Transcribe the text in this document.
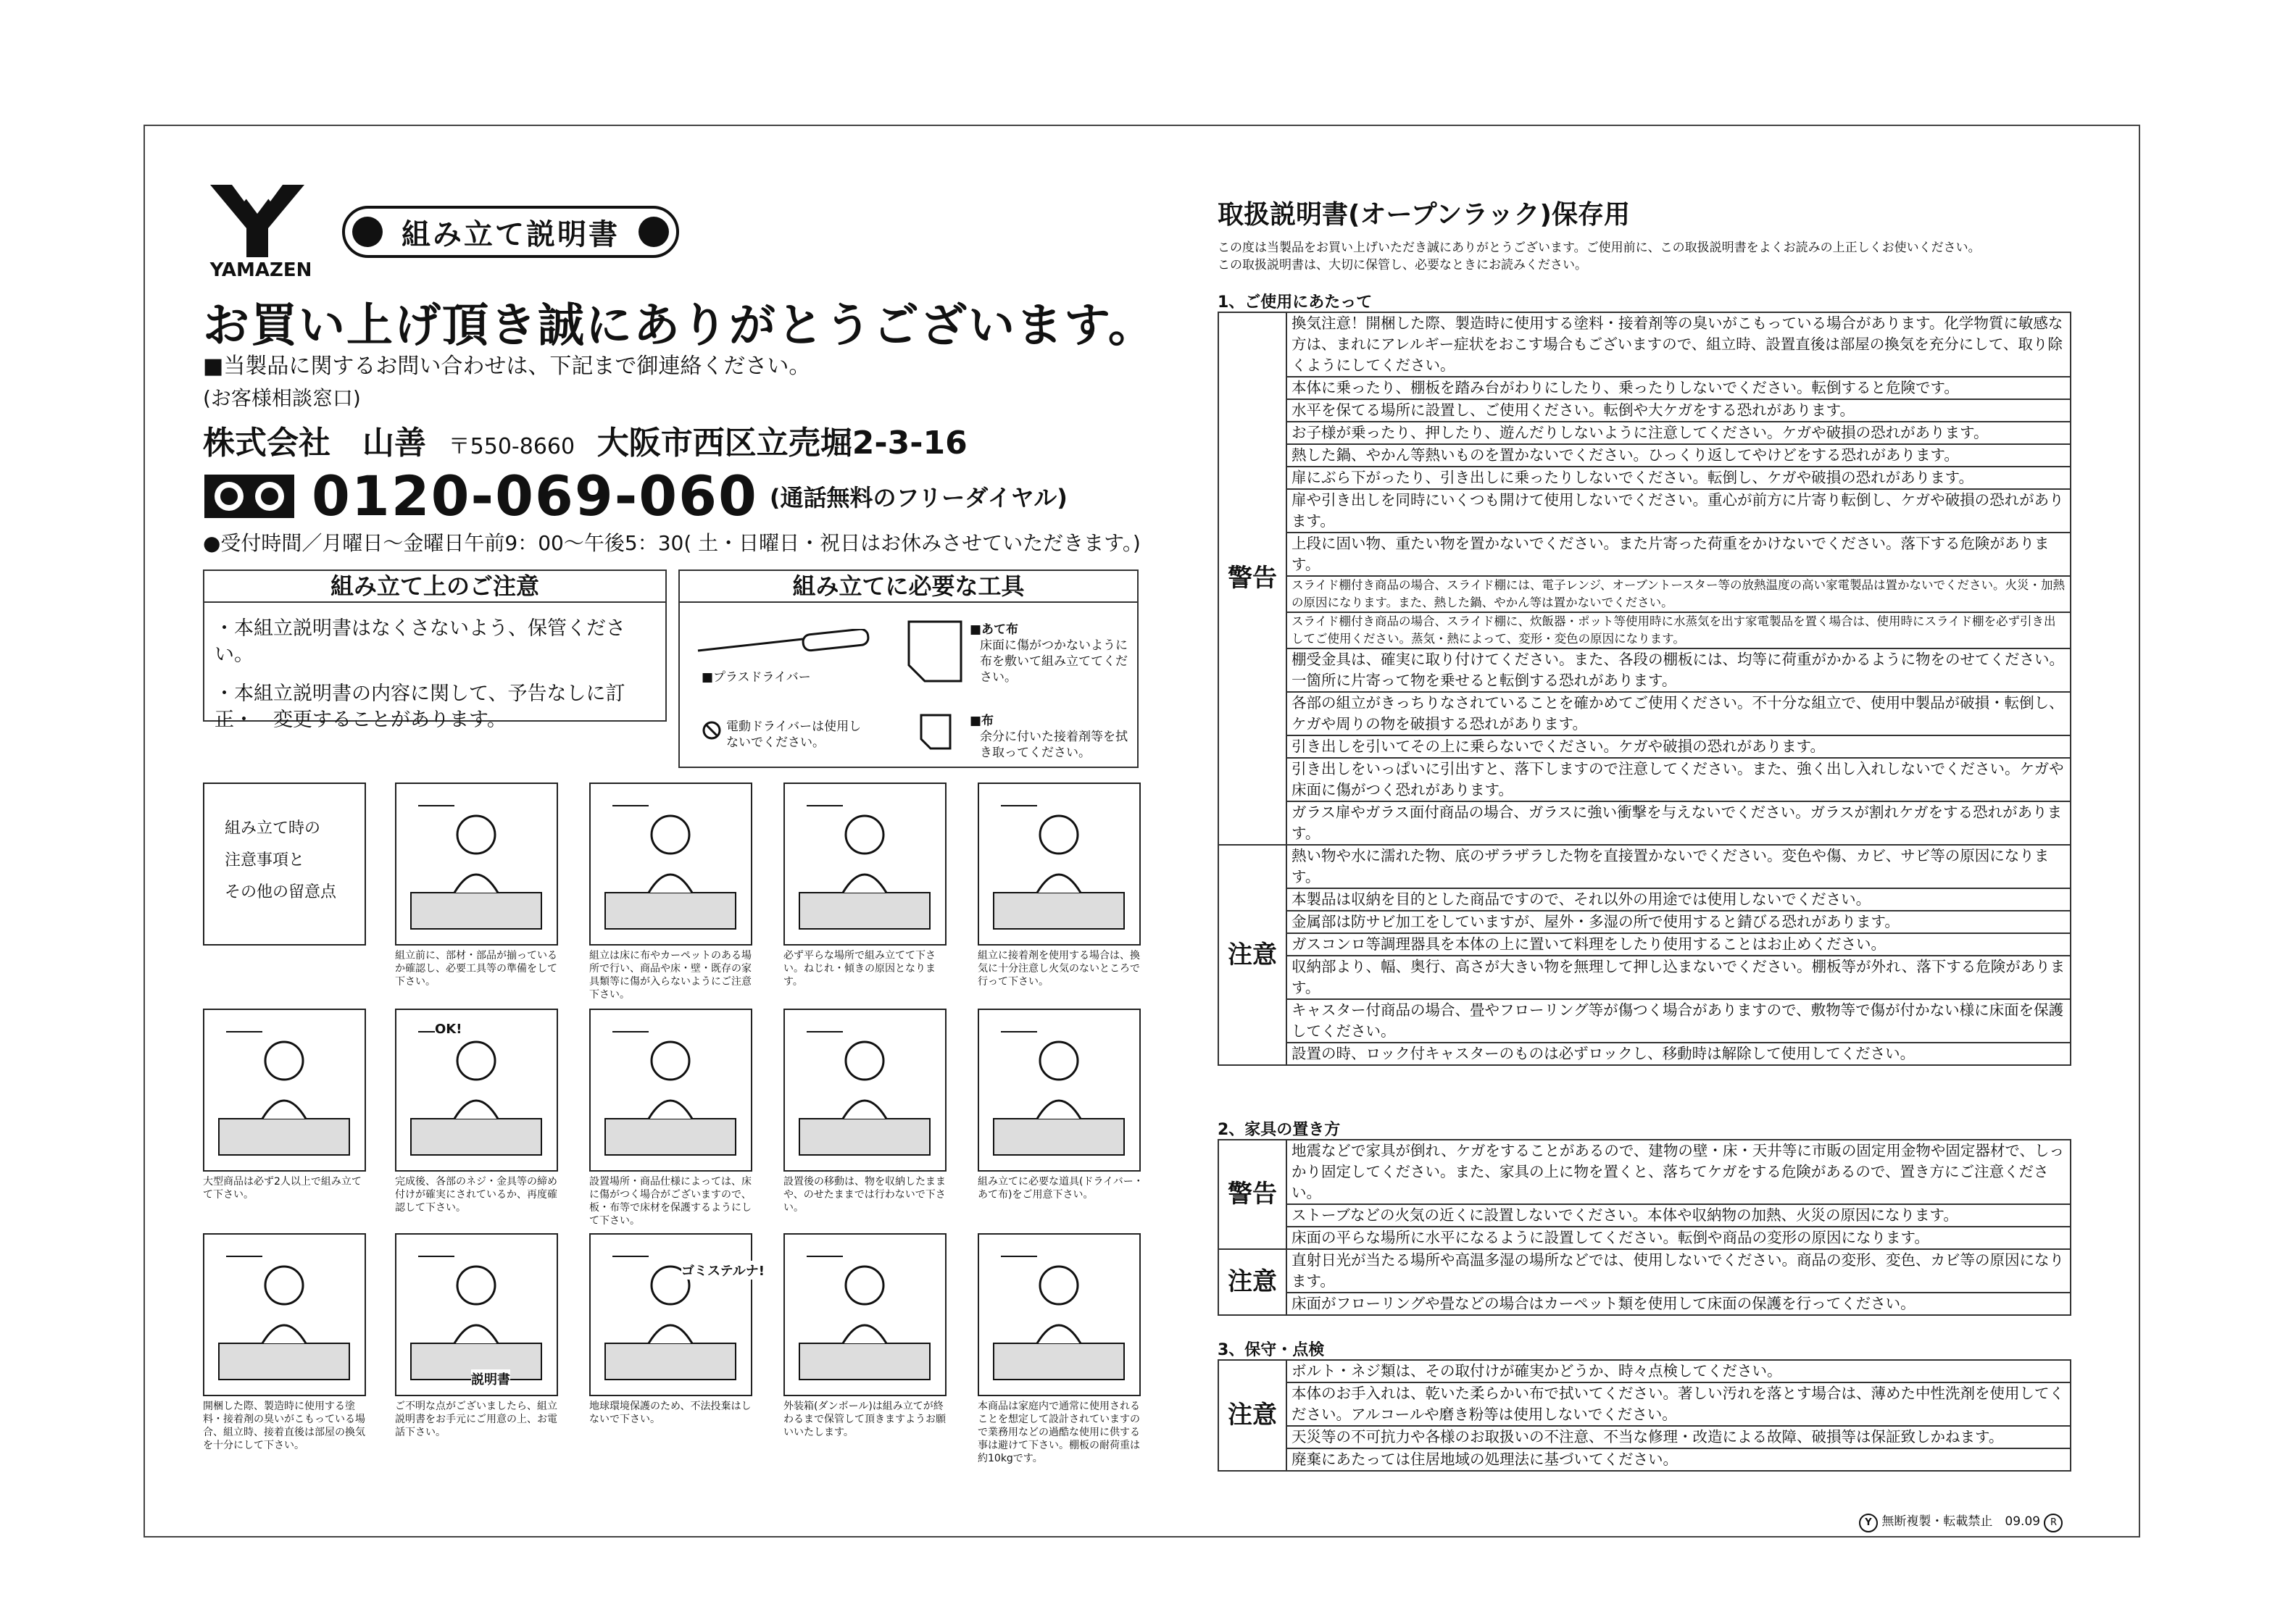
YAMAZEN
組み立て説明書
お買い上げ頂き誠にありがとうございます。
■当製品に関するお問い合わせは、下記まで御連絡ください。
(お客様相談窓口)
株式会社　山善 〒550-8660 大阪市西区立売堀2-3-16
0120-069-060 (通話無料のフリーダイヤル)
●受付時間／月曜日～金曜日午前9：00～午後5：30( 土・日曜日・祝日はお休みさせていただきます。)
組み立て上のご注意
・本組立説明書はなくさないよう、保管ください。
・本組立説明書の内容に関して、予告なしに訂正・　変更することがあります。
組み立てに必要な工具
■プラスドライバー
■あて布
床面に傷がつかないように布を敷いて組み立ててください。
電動ドライバーは使用しないでください。
■布
余分に付いた接着剤等を拭き取ってください。
組み立て時の
注意事項と
その他の留意点
組立前に、部材・部品が揃っているか確認し、必要工具等の準備をして下さい。
組立は床に布やカーペットのある場所で行い、商品や床・壁・既存の家具類等に傷が入らないようにご注意下さい。
必ず平らな場所で組み立てて下さい。ねじれ・傾きの原因となります。
組立に接着剤を使用する場合は、換気に十分注意し火気のないところで行って下さい。
大型商品は必ず2人以上で組み立てて下さい。
完成後、各部のネジ・金具等の締め付けが確実にされているか、再度確認して下さい。
設置場所・商品仕様によっては、床に傷がつく場合がございますので、板・布等で床材を保護するようにして下さい。
設置後の移動は、物を収納したままや、のせたままでは行わないで下さい。
組み立てに必要な道具(ドライバー・あて布)をご用意下さい。
開梱した際、製造時に使用する塗料・接着剤の臭いがこもっている場合、組立時、接着直後は部屋の換気を十分にして下さい。
ご不明な点がございましたら、組立説明書をお手元にご用意の上、お電話下さい。
地球環境保護のため、不法投棄はしないで下さい。
外装箱(ダンボール)は組み立てが終わるまで保管して頂きますようお願いいたします。
本商品は家庭内で通常に使用されることを想定して設計されていますので業務用などの過酷な使用に供する事は避けて下さい。棚板の耐荷重は約10kgです。
取扱説明書(オープンラック)保存用
この度は当製品をお買い上げいただき誠にありがとうございます。ご使用前に、この取扱説明書をよくお読みの上正しくお使いください。
この取扱説明書は、大切に保管し、必要なときにお読みください。
1、ご使用にあたって
警告	換気注意！開梱した際、製造時に使用する塗料・接着剤等の臭いがこもっている場合があります。化学物質に敏感な方は、まれにアレルギー症状をおこす場合もございますので、組立時、設置直後は部屋の換気を充分にして、取り除くようにしてください。
	本体に乗ったり、棚板を踏み台がわりにしたり、乗ったりしないでください。転倒すると危険です。
	水平を保てる場所に設置し、ご使用ください。転倒や大ケガをする恐れがあります。
	お子様が乗ったり、押したり、遊んだりしないように注意してください。ケガや破損の恐れがあります。
	熱した鍋、やかん等熱いものを置かないでください。ひっくり返してやけどをする恐れがあります。
	扉にぶら下がったり、引き出しに乗ったりしないでください。転倒し、ケガや破損の恐れがあります。
	扉や引き出しを同時にいくつも開けて使用しないでください。重心が前方に片寄り転倒し、ケガや破損の恐れがあります。
	上段に固い物、重たい物を置かないでください。また片寄った荷重をかけないでください。落下する危険があります。
	スライド棚付き商品の場合、スライド棚には、電子レンジ、オーブントースター等の放熱温度の高い家電製品は置かないでください。火災・加熱の原因になります。また、熱した鍋、やかん等は置かないでください。
	スライド棚付き商品の場合、スライド棚に、炊飯器・ポット等使用時に水蒸気を出す家電製品を置く場合は、使用時にスライド棚を必ず引き出してご使用ください。蒸気・熱によって、変形・変色の原因になります。
	棚受金具は、確実に取り付けてください。また、各段の棚板には、均等に荷重がかかるように物をのせてください。一箇所に片寄って物を乗せると転倒する恐れがあります。
	各部の組立がきっちりなされていることを確かめてご使用ください。不十分な組立で、使用中製品が破損・転倒し、ケガや周りの物を破損する恐れがあります。
	引き出しを引いてその上に乗らないでください。ケガや破損の恐れがあります。
	引き出しをいっぱいに引出すと、落下しますので注意してください。また、強く出し入れしないでください。ケガや床面に傷がつく恐れがあります。
	ガラス扉やガラス面付商品の場合、ガラスに強い衝撃を与えないでください。ガラスが割れケガをする恐れがあります。
注意	熱い物や水に濡れた物、底のザラザラした物を直接置かないでください。変色や傷、カビ、サビ等の原因になります。
	本製品は収納を目的とした商品ですので、それ以外の用途では使用しないでください。
	金属部は防サビ加工をしていますが、屋外・多湿の所で使用すると錆びる恐れがあります。
	ガスコンロ等調理器具を本体の上に置いて料理をしたり使用することはお止めください。
	収納部より、幅、奥行、高さが大きい物を無理して押し込まないでください。棚板等が外れ、落下する危険があります。
	キャスター付商品の場合、畳やフローリング等が傷つく場合がありますので、敷物等で傷が付かない様に床面を保護してください。
	設置の時、ロック付キャスターのものは必ずロックし、移動時は解除して使用してください。
2、家具の置き方
警告	地震などで家具が倒れ、ケガをすることがあるので、建物の壁・床・天井等に市販の固定用金物や固定器材で、しっかり固定してください。また、家具の上に物を置くと、落ちてケガをする危険があるので、置き方にご注意ください。
	ストーブなどの火気の近くに設置しないでください。本体や収納物の加熱、火災の原因になります。
	床面の平らな場所に水平になるように設置してください。転倒や商品の変形の原因になります。
注意	直射日光が当たる場所や高温多湿の場所などでは、使用しないでください。商品の変形、変色、カビ等の原因になります。
	床面がフローリングや畳などの場合はカーペット類を使用して床面の保護を行ってください。
3、保守・点検
注意	ボルト・ネジ類は、その取付けが確実かどうか、時々点検してください。
本体のお手入れは、乾いた柔らかい布で拭いてください。著しい汚れを落とす場合は、薄めた中性洗剤を使用してください。アルコールや磨き粉等は使用しないでください。
天災等の不可抗力や各様のお取扱いの不注意、不当な修理・改造による故障、破損等は保証致しかねます。
廃棄にあたっては住居地域の処理法に基づいてください。
Y 無断複製・転載禁止　09.09 R
OK!
説明書
ゴミステルナ!
